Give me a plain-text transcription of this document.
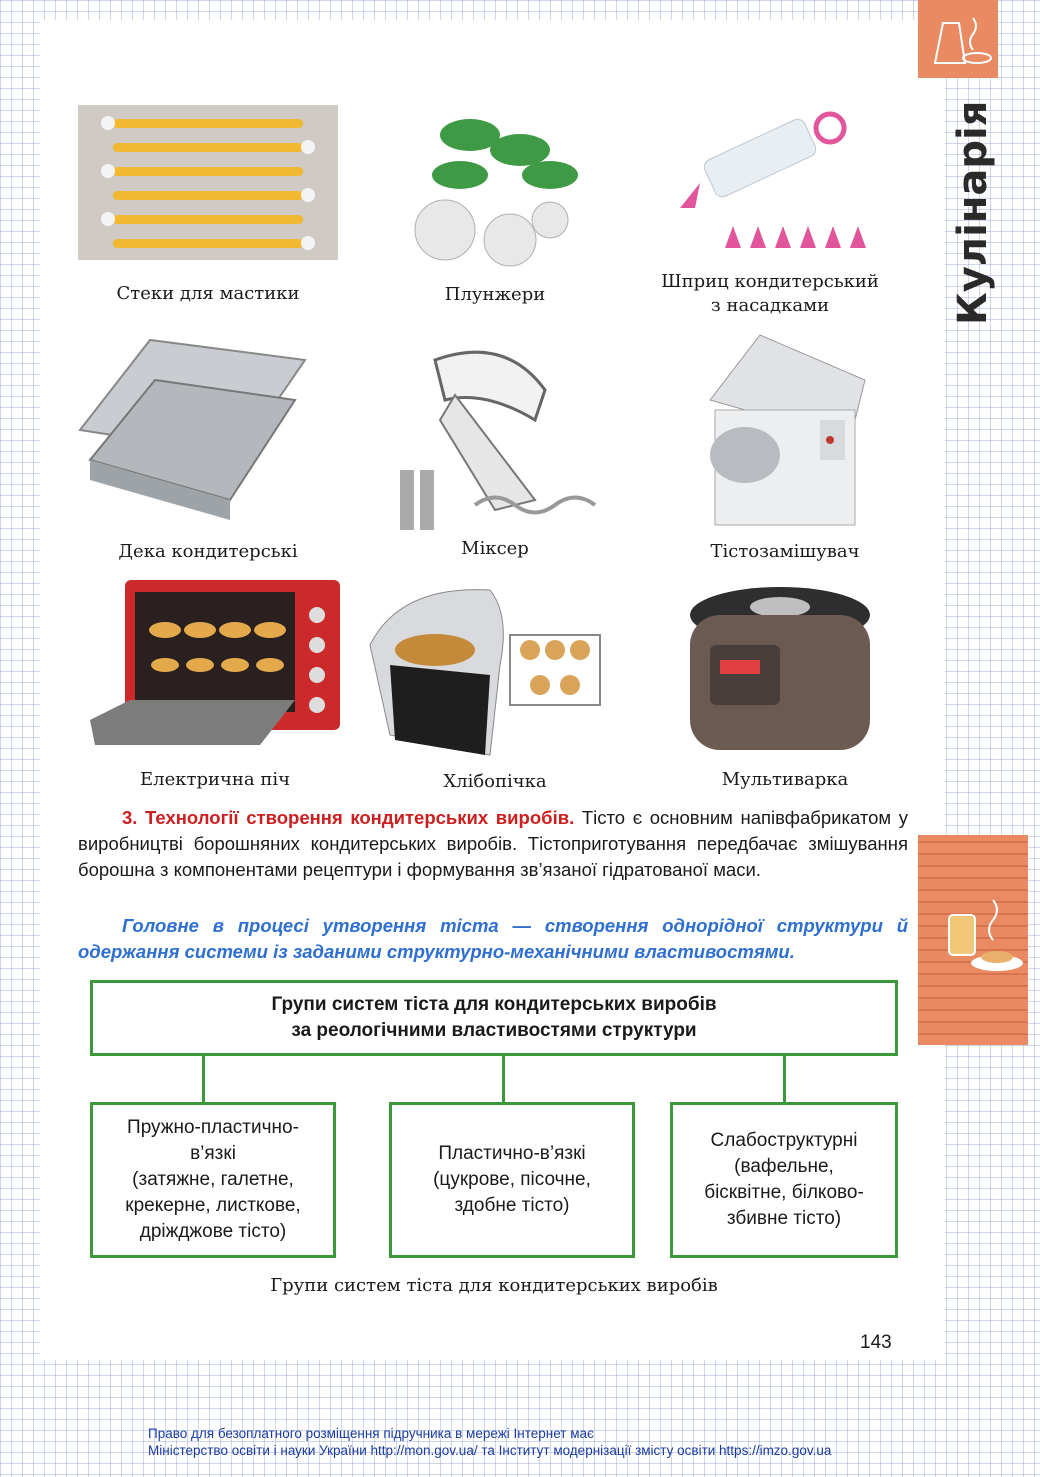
Кулінарія
Стеки для мастики	Плунжери
Шприц кондитерський
з насадками
Дека кондитерські	Міксер	Тістозамішувач
Електрична піч	Хлібопічка	Мультиварка
3. Технології створення кондитерських виробів. Тісто є основним напівфабрикатом у виробництві борошняних кондитерських виробів. Тістоприготування передбачає змішування борошна з компонентами рецептури і формування зв’язаної гідратованої маси.
Головне в процесі утворення тіста — створення однорідної структури й одержання системи із заданими структурно-механічними властивостями.
Групи систем тіста для кондитерських виробів
за реологічними властивостями структури
Пружно-пластично-
в’язкі
(затяжне, галетне,
крекерне, листкове,
дріжджове тісто)
Пластично-в’язкі
(цукрове, пісочне,
здобне тісто)
Слабоструктурні
(вафельне,
бісквітне, білково-
збивне тісто)
Групи систем тіста для кондитерських виробів
143
Право для безоплатного розміщення підручника в мережі Інтернет має
Міністерство освіти і науки України http://mon.gov.ua/ та Інститут модернізації змісту освіти https://imzo.gov.ua
